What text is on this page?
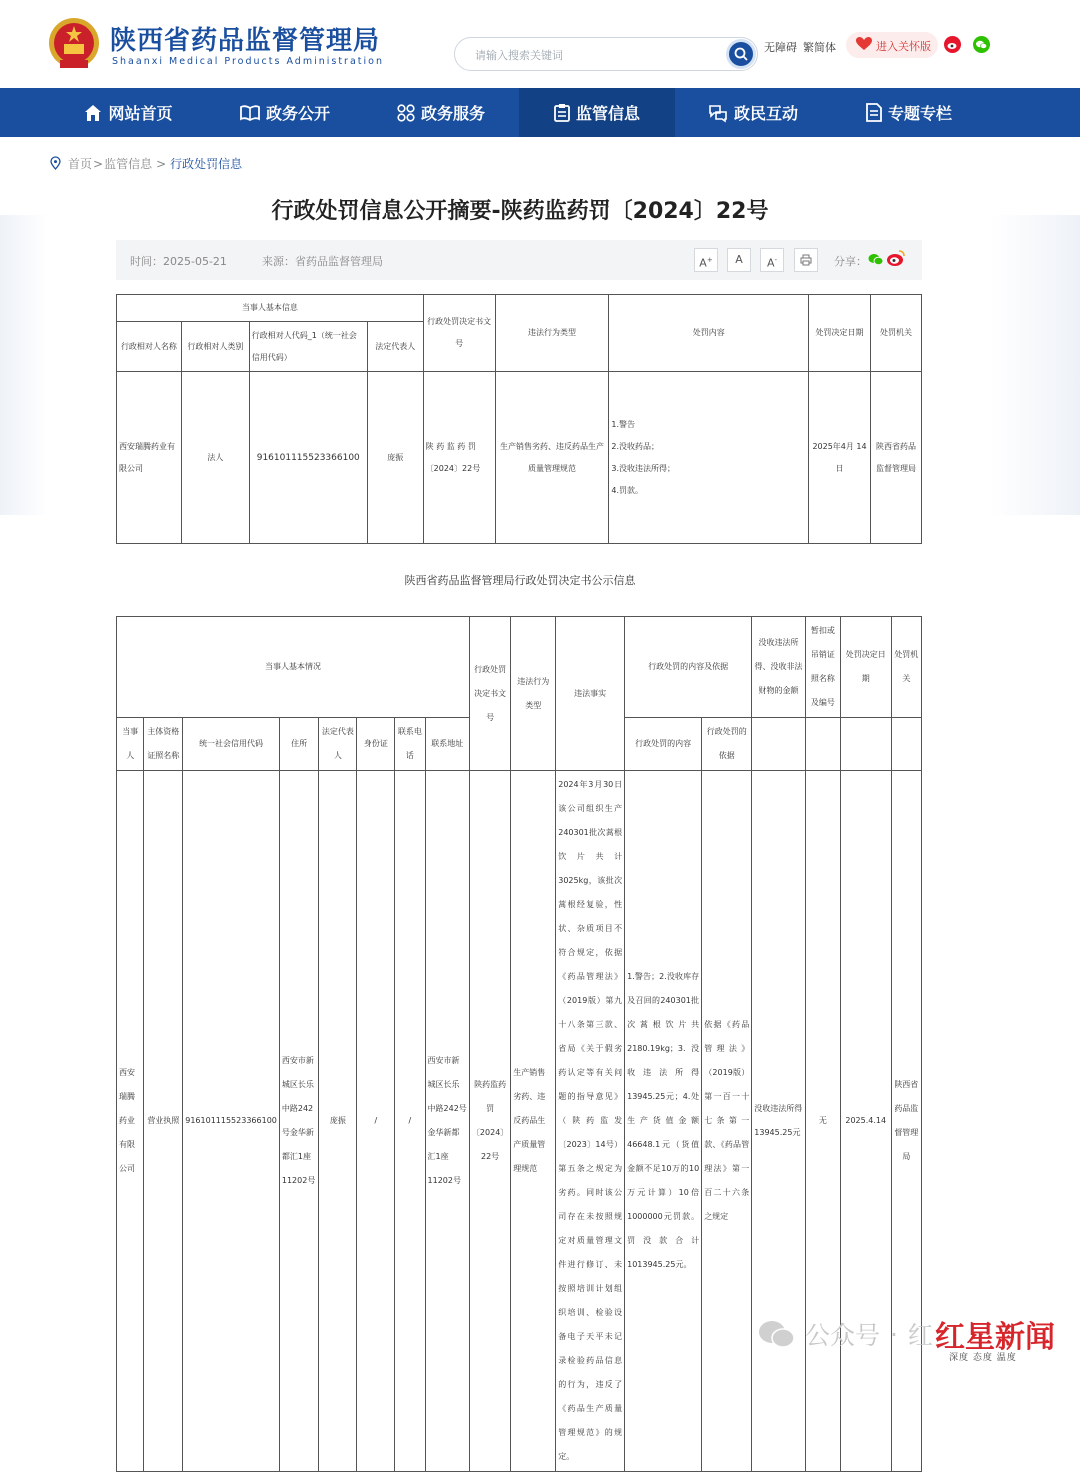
陕西省药品监督管理局
Shaanxi Medical Products Administration
请输入搜索关键词
无障碍 繁简体	进入关怀版
网站首页	政务公开	政务服务	监管信息	政民互动	专题专栏
首页 > 监管信息 > 行政处罚信息
行政处罚信息公开摘要-陕药监药罚〔2024〕22号
时间：2025-05-21	来源：省药品监督管理局	A+	A	A-	分享：
当事人基本信息				行政处罚决定书文号	违法行为类型	处罚内容	处罚决定日期	处罚机关
行政相对人名称	行政相对人类别	行政相对人代码_1（统一社会信用代码）	法定代表人					
西安瑞腾药业有限公司	法人	916101115523366100	庞振	陕 药 监 药 罚〔2024〕22号	生产销售劣药、违反药品生产质量管理规范	1.警告
2.没收药品；
3.没收违法所得；
4.罚款。	2025年4月 14日	陕西省药品监督管理局
陕西省药品监督管理局行政处罚决定书公示信息
当事人基本情况								行政处罚决定书文号	违法行为类型	违法事实	行政处罚的内容及依据		没收违法所得、没收非法财物的金额	暂扣或吊销证照名称及编号	处罚决定日期	处罚机关
当事人	主体资格证照名称	统一社会信用代码	住所	法定代表人	身份证	联系电话	联系地址				行政处罚的内容	行政处罚的依据				
西安瑞腾药业有限公司	营业执照	916101115523366100	西安市新城区长乐中路242号金华新都汇1座11202号	庞振	/	/	西安市新城区长乐中路242号金华新都汇1座11202号	陕药监药罚〔2024〕22号	生产销售劣药、违反药品生产质量管理规范	2024年3月30日该公司组织生产240301批次蒿根饮片共计3025kg，该批次蒿根经复验，性状、杂质项目不符合规定，依据《药品管理法》（2019版）第九十八条第三款、省局《关于假劣药认定等有关问题的指导意见》（陕药监发〔2023〕14号）第五条之规定为劣药。同时该公司存在未按照规定对质量管理文件进行修订、未按照培训计划组织培训、检验设备电子天平未记录检验药品信息的行为，违反了《药品生产质量管理规范》的规定。	1.警告；2.没收库存及召回的240301批次蒿根饮片共2180.19kg；3.没收违法所得13945.25元；4.处生产货值金额46648.1元（货值金额不足10万的10万元计算）10倍1000000元罚款。罚没款合计1013945.25元。	依据《药品管理法》（2019版）第一百一十七条第一款、《药品管理法》第一百二十六条之规定	没收违法所得13945.25元	无	2025.4.14	陕西省药品监督管理局
公众号 · 红 红星新闻
深度 态度 温度
